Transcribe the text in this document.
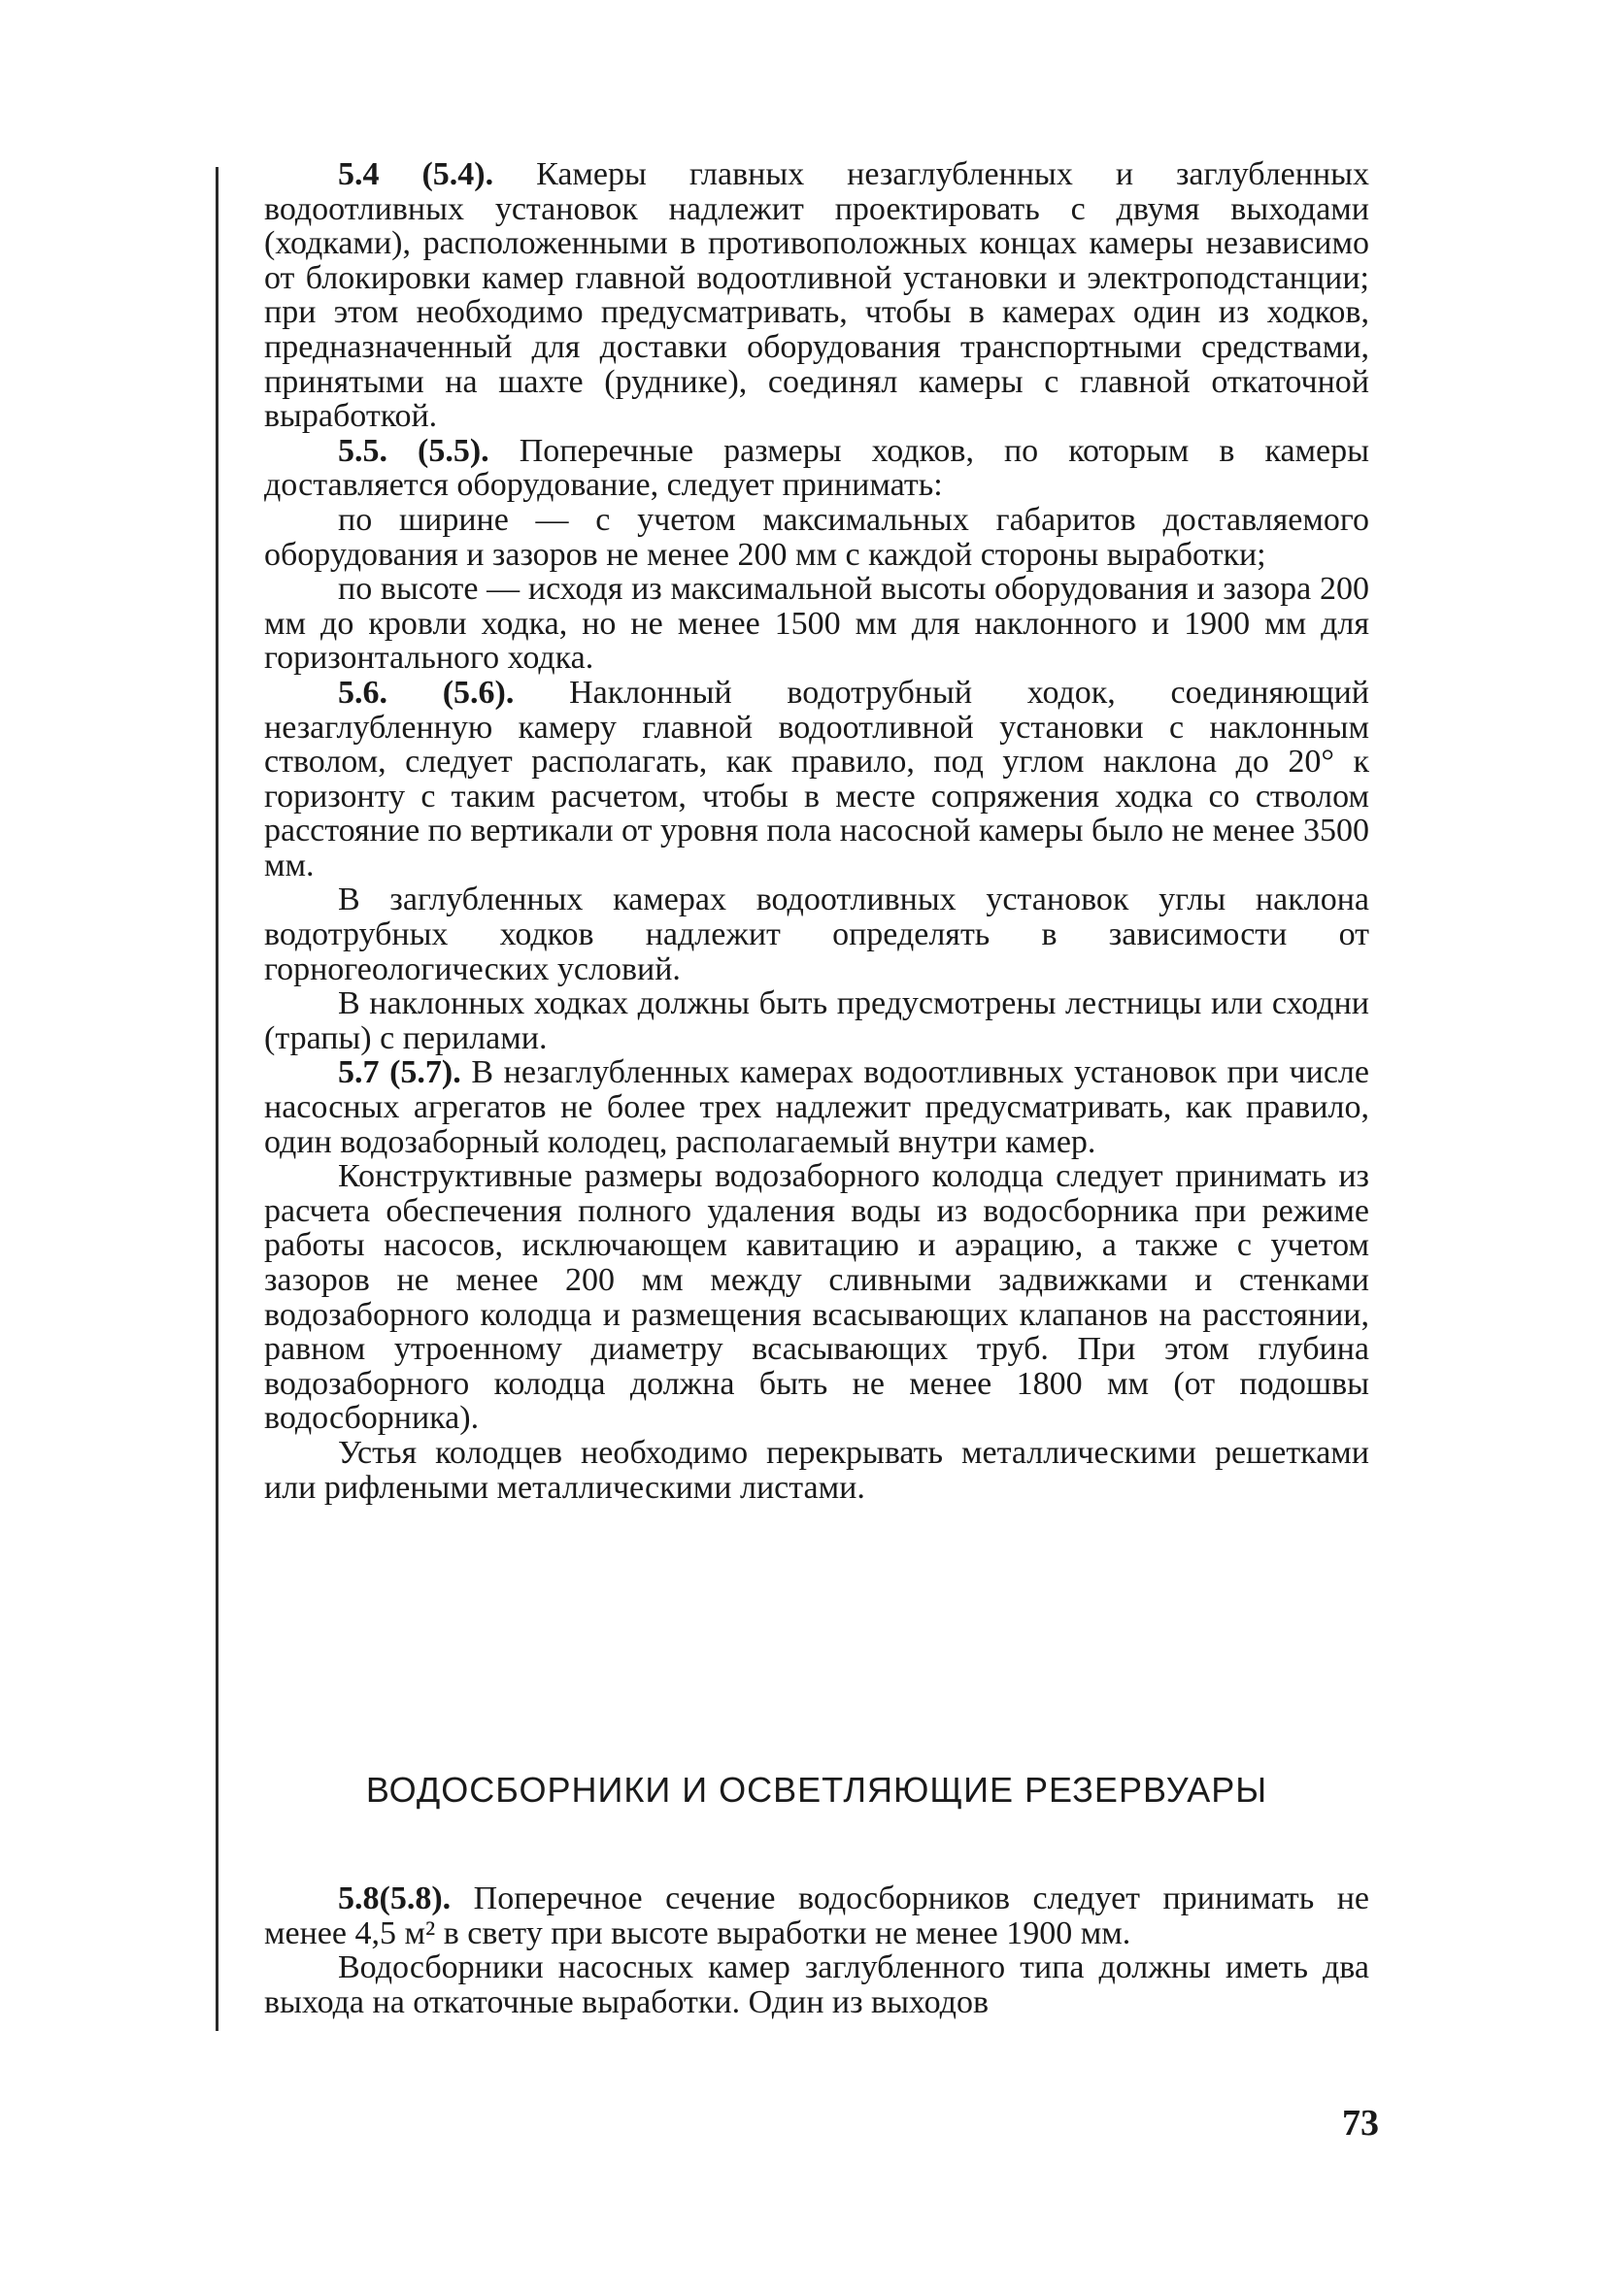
5.4 (5.4). Камеры главных незаглубленных и заглубленных водоотливных установок надлежит проектировать с двумя выходами (ходками), расположенными в противоположных концах камеры независимо от блокировки камер главной водоотливной установки и электроподстанции; при этом необходимо предусматривать, чтобы в камерах один из ходков, предназначенный для доставки оборудования транспортными средствами, принятыми на шахте (руднике), соединял камеры с главной откаточной выработкой.

5.5. (5.5). Поперечные размеры ходков, по которым в камеры доставляется оборудование, следует принимать:

по ширине — с учетом максимальных габаритов доставляемого оборудования и зазоров не менее 200 мм с каждой стороны выработки;

по высоте — исходя из максимальной высоты оборудования и зазора 200 мм до кровли ходка, но не менее 1500 мм для наклонного и 1900 мм для горизонтального ходка.

5.6. (5.6). Наклонный водотрубный ходок, соединяющий незаглубленную камеру главной водоотливной установки с наклонным стволом, следует располагать, как правило, под углом наклона до 20° к горизонту с таким расчетом, чтобы в месте сопряжения ходка со стволом расстояние по вертикали от уровня пола насосной камеры было не менее 3500 мм.

В заглубленных камерах водоотливных установок углы наклона водотрубных ходков надлежит определять в зависимости от горногеологических условий.

В наклонных ходках должны быть предусмотрены лестницы или сходни (трапы) с перилами.

5.7 (5.7). В незаглубленных камерах водоотливных установок при числе насосных агрегатов не более трех надлежит предусматривать, как правило, один водозаборный колодец, располагаемый внутри камер.

Конструктивные размеры водозаборного колодца следует принимать из расчета обеспечения полного удаления воды из водосборника при режиме работы насосов, исключающем кавитацию и аэрацию, а также с учетом зазоров не менее 200 мм между сливными задвижками и стенками водозаборного колодца и размещения всасывающих клапанов на расстоянии, равном утроенному диаметру всасывающих труб. При этом глубина водозаборного колодца должна быть не менее 1800 мм (от подошвы водосборника).

Устья колодцев необходимо перекрывать металлическими решетками или рифлеными металлическими листами.

ВОДОСБОРНИКИ И ОСВЕТЛЯЮЩИЕ РЕЗЕРВУАРЫ

5.8(5.8). Поперечное сечение водосборников следует принимать не менее 4,5 м² в свету при высоте выработки не менее 1900 мм.

Водосборники насосных камер заглубленного типа должны иметь два выхода на откаточные выработки. Один из выходов

73
